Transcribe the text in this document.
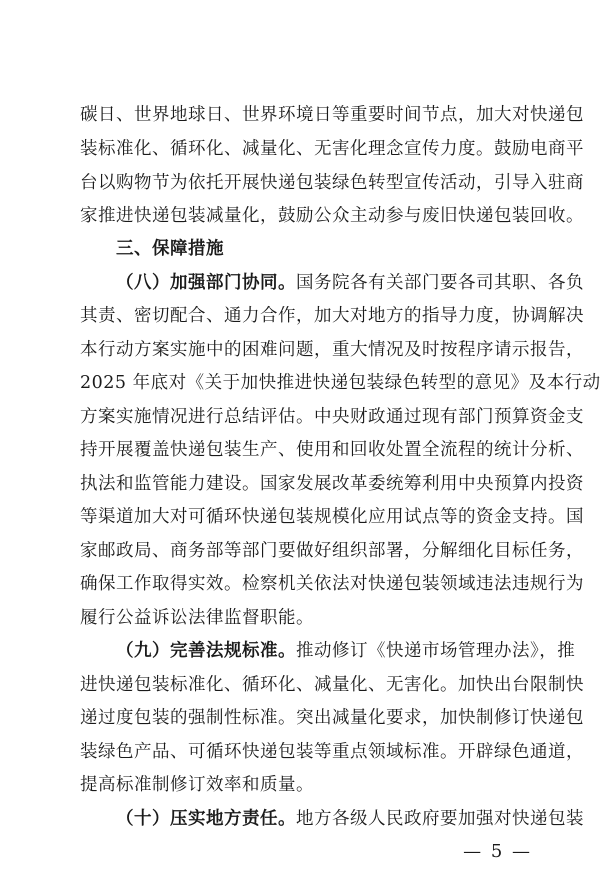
碳日、世界地球日、世界环境日等重要时间节点，加大对快递包
装标准化、循环化、减量化、无害化理念宣传力度。鼓励电商平
台以购物节为依托开展快递包装绿色转型宣传活动，引导入驻商
家推进快递包装减量化，鼓励公众主动参与废旧快递包装回收。
三、保障措施
（八）加强部门协同。国务院各有关部门要各司其职、各负
其责、密切配合、通力合作，加大对地方的指导力度，协调解决
本行动方案实施中的困难问题，重大情况及时按程序请示报告，
2025 年底对《关于加快推进快递包装绿色转型的意见》及本行动
方案实施情况进行总结评估。中央财政通过现有部门预算资金支
持开展覆盖快递包装生产、使用和回收处置全流程的统计分析、
执法和监管能力建设。国家发展改革委统筹利用中央预算内投资
等渠道加大对可循环快递包装规模化应用试点等的资金支持。国
家邮政局、商务部等部门要做好组织部署，分解细化目标任务，
确保工作取得实效。检察机关依法对快递包装领域违法违规行为
履行公益诉讼法律监督职能。
（九）完善法规标准。推动修订《快递市场管理办法》，推
进快递包装标准化、循环化、减量化、无害化。加快出台限制快
递过度包装的强制性标准。突出减量化要求，加快制修订快递包
装绿色产品、可循环快递包装等重点领域标准。开辟绿色通道，
提高标准制修订效率和质量。
（十）压实地方责任。地方各级人民政府要加强对快递包装
— 5 —
